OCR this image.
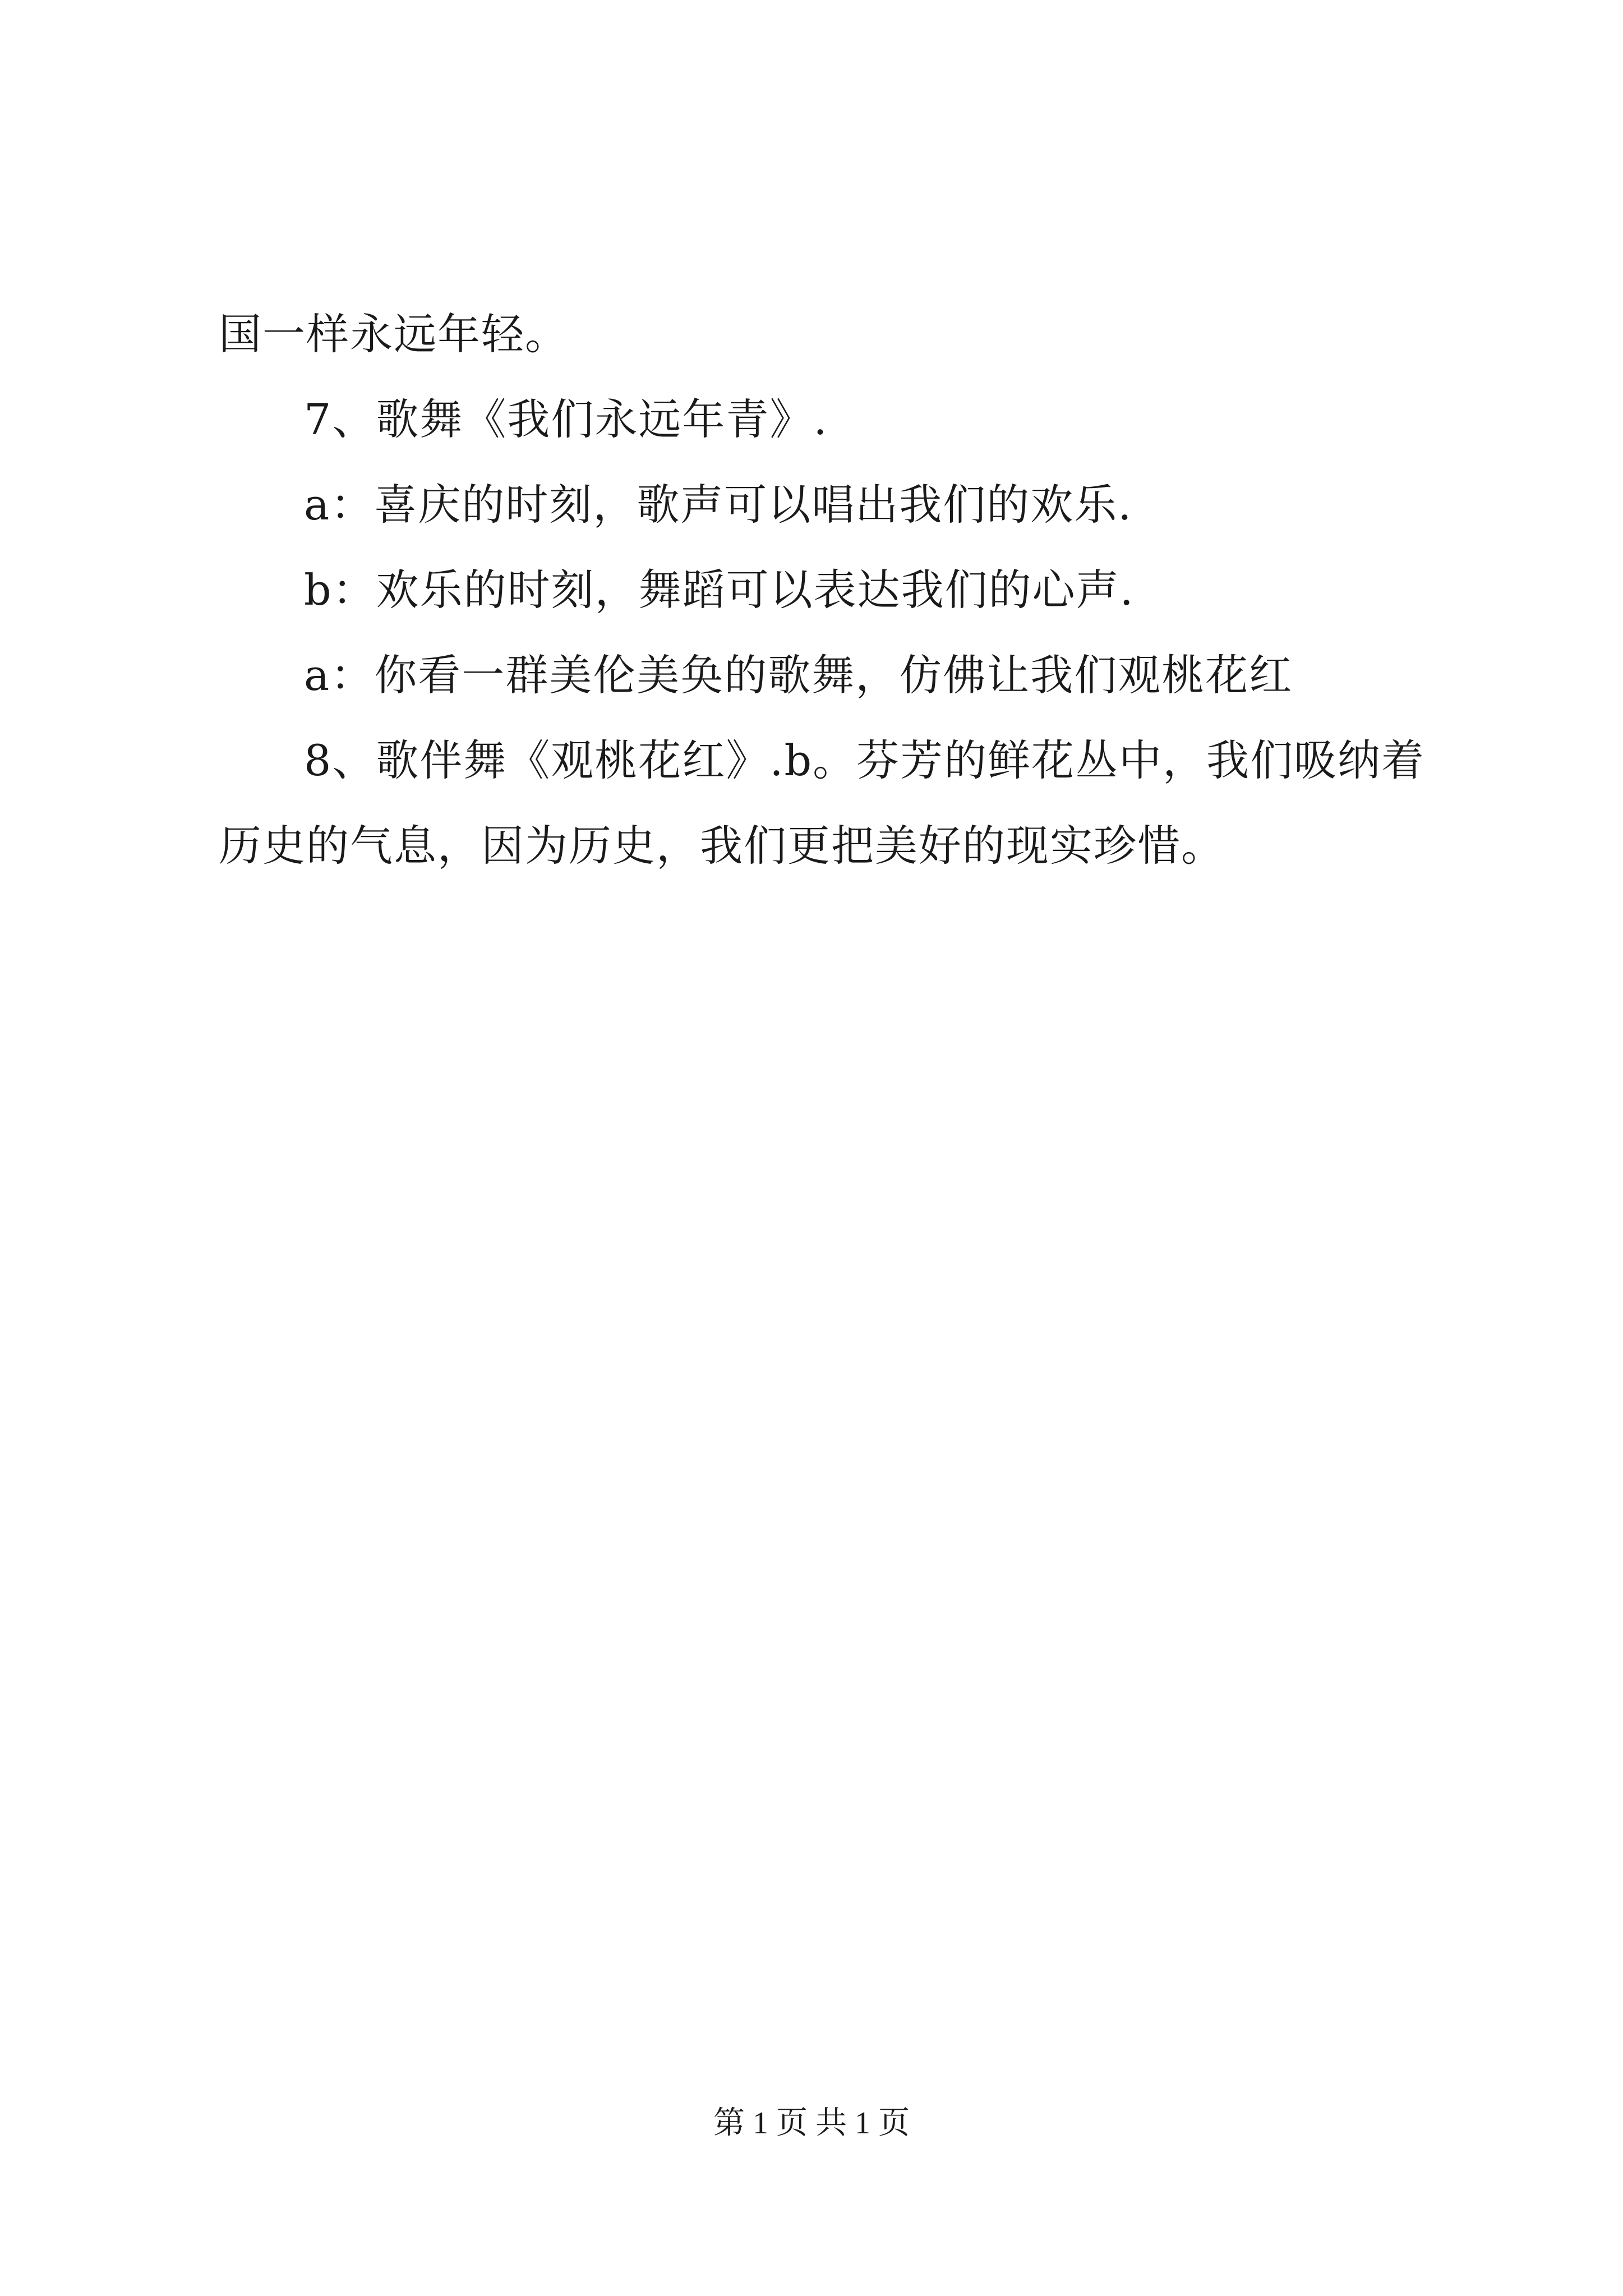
国一样永远年轻。
7、歌舞《我们永远年青》.
a：喜庆的时刻，歌声可以唱出我们的欢乐.
b：欢乐的时刻，舞蹈可以表达我们的心声.
a：你看一群美伦美奂的歌舞，仿佛让我们观桃花红
8、歌伴舞《观桃花红》.b。芬芳的鲜花丛中，我们吸纳着
历史的气息，因为历史，我们更把美好的现实珍惜。
第 1 页 共 1 页
